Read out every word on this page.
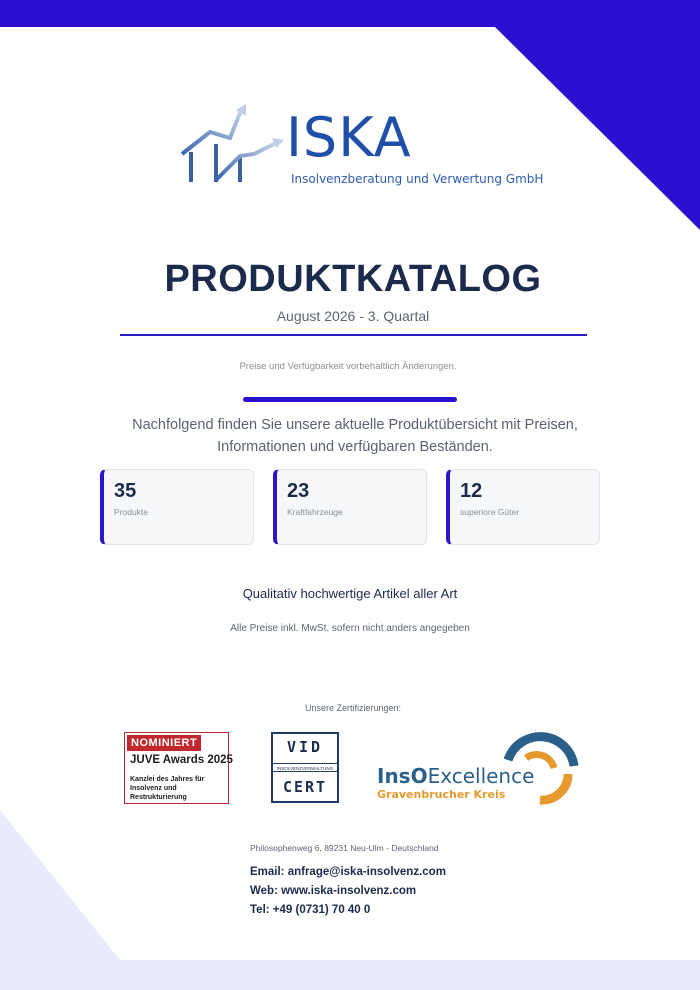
ISKA
Insolvenzberatung und Verwertung GmbH
PRODUKTKATALOG
August 2026 - 3. Quartal
Preise und Verfügbarkeit vorbehaltlich Änderungen.
Nachfolgend finden Sie unsere aktuelle Produktübersicht mit Preisen, Informationen und verfügbaren Beständen.
35
Produkte
23
Kraftfahrzeuge
12
superiore Güter
Qualitativ hochwertige Artikel aller Art
Alle Preise inkl. MwSt. sofern nicht anders angegeben
Unsere Zertifizierungen:
NOMINIERT
JUVE Awards 2025
Kanzlei des Jahres für Insolvenz und Restrukturierung
VID
INSOLVENZVERWALTUNG
CERT	InsOExcellence
Gravenbrucher Kreis
Philosophenweg 6, 89231 Neu-Ulm - Deutschland
Email: anfrage@iska-insolvenz.com
Web: www.iska-insolvenz.com
Tel: +49 (0731) 70 40 0
